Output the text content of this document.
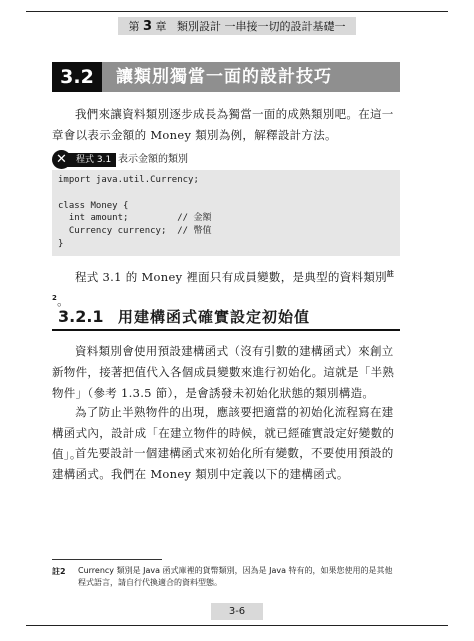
第 3 章 類別設計 一串接一切的設計基礎一
3.2	讓類別獨當一面的設計技巧

我們來讓資料類別逐步成長為獨當一面的成熟類別吧。在這一章會以表示金額的 Money 類別為例，解釋設計方法。

程式 3.1
✕	表示金額的類別
import java.util.Currency;

class Money {
int amount;         // 金額
Currency currency;  // 幣值
}

程式 3.1 的 Money 裡面只有成員變數，是典型的資料類別$^{註2}$。

3.2.1 用建構函式確實設定初始值

資料類別會使用預設建構函式（沒有引數的建構函式）來創立新物件，接著把值代入各個成員變數來進行初始化。這就是「半熟物件」（參考 1.3.5 節），是會誘發未初始化狀態的類別構造。

為了防止半熟物件的出現，應該要把適當的初始化流程寫在建構函式內，設計成「在建立物件的時候，就已經確實設定好變數的值」。

首先要設計一個建構函式來初始化所有變數，不要使用預設的建構函式。我們在 Money 類別中定義以下的建構函式。

註2 Currency 類別是 Java 函式庫裡的貨幣類別，因為是 Java 特有的，如果您使用的是其他程式語言，請自行代換適合的資料型態。
3-6
